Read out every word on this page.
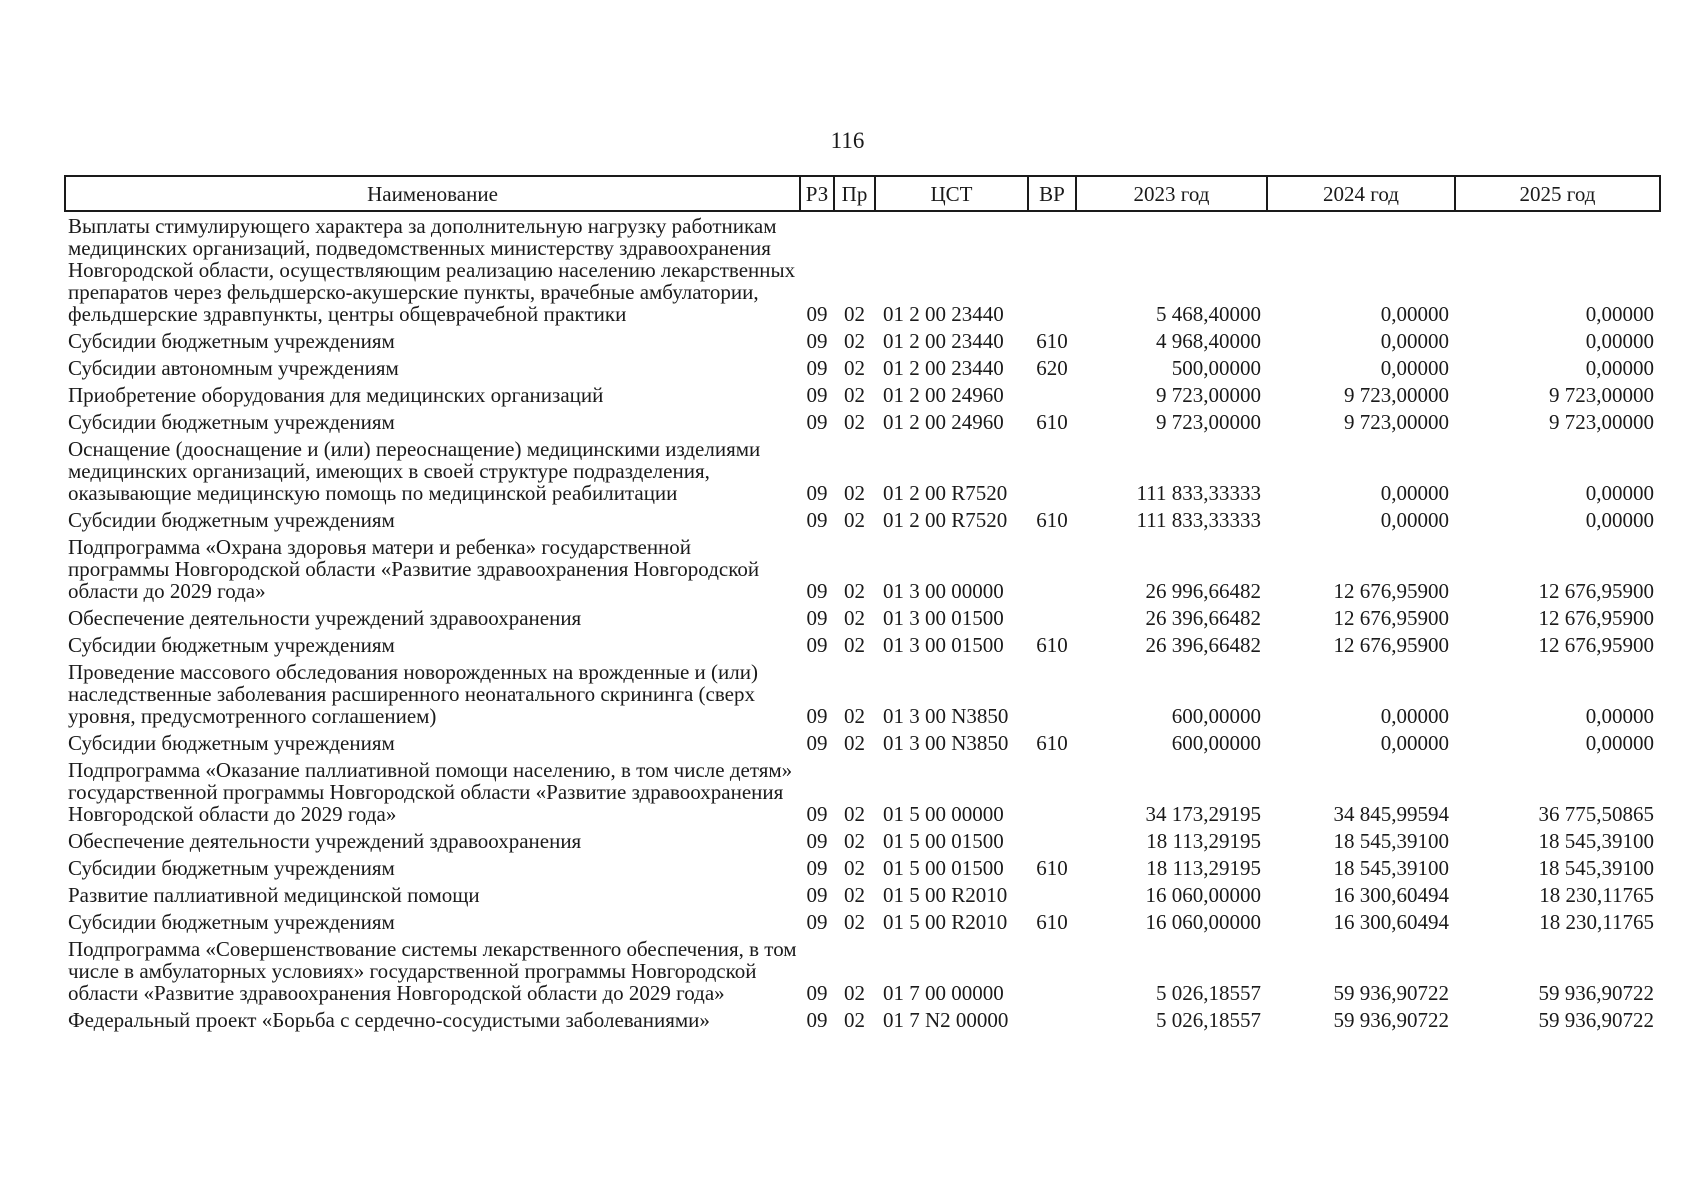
116
Наименование	РЗ	Пр	ЦСТ	ВР	2023 год	2024 год	2025 год
Выплаты стимулирующего характера за дополнительную нагрузку работникам медицинских организаций, подведомственных министерству здравоохранения Новгородской области, осуществляющим реализацию населению лекарственных препаратов через фельдшерско-акушерские пункты, врачебные амбулатории, фельдшерские здравпункты, центры общеврачебной практики	09	02	01 2 00 23440		5 468,40000	0,00000	0,00000
Субсидии бюджетным учреждениям	09	02	01 2 00 23440	610	4 968,40000	0,00000	0,00000
Субсидии автономным учреждениям	09	02	01 2 00 23440	620	500,00000	0,00000	0,00000
Приобретение оборудования для медицинских организаций	09	02	01 2 00 24960		9 723,00000	9 723,00000	9 723,00000
Субсидии бюджетным учреждениям	09	02	01 2 00 24960	610	9 723,00000	9 723,00000	9 723,00000
Оснащение (дооснащение и (или) переоснащение) медицинскими изделиями медицинских организаций, имеющих в своей структуре подразделения, оказывающие медицинскую помощь по медицинской реабилитации	09	02	01 2 00 R7520		111 833,33333	0,00000	0,00000
Субсидии бюджетным учреждениям	09	02	01 2 00 R7520	610	111 833,33333	0,00000	0,00000
Подпрограмма «Охрана здоровья матери и ребенка» государственной программы Новгородской области «Развитие здравоохранения Новгородской области до 2029 года»	09	02	01 3 00 00000		26 996,66482	12 676,95900	12 676,95900
Обеспечение деятельности учреждений здравоохранения	09	02	01 3 00 01500		26 396,66482	12 676,95900	12 676,95900
Субсидии бюджетным учреждениям	09	02	01 3 00 01500	610	26 396,66482	12 676,95900	12 676,95900
Проведение массового обследования новорожденных на врожденные и (или) наследственные заболевания расширенного неонатального скрининга (сверх уровня, предусмотренного соглашением)	09	02	01 3 00 N3850		600,00000	0,00000	0,00000
Субсидии бюджетным учреждениям	09	02	01 3 00 N3850	610	600,00000	0,00000	0,00000
Подпрограмма «Оказание паллиативной помощи населению, в том числе детям» государственной программы Новгородской области «Развитие здравоохранения Новгородской области до 2029 года»	09	02	01 5 00 00000		34 173,29195	34 845,99594	36 775,50865
Обеспечение деятельности учреждений здравоохранения	09	02	01 5 00 01500		18 113,29195	18 545,39100	18 545,39100
Субсидии бюджетным учреждениям	09	02	01 5 00 01500	610	18 113,29195	18 545,39100	18 545,39100
Развитие паллиативной медицинской помощи	09	02	01 5 00 R2010		16 060,00000	16 300,60494	18 230,11765
Субсидии бюджетным учреждениям	09	02	01 5 00 R2010	610	16 060,00000	16 300,60494	18 230,11765
Подпрограмма «Совершенствование системы лекарственного обеспечения, в том числе в амбулаторных условиях» государственной программы Новгородской области «Развитие здравоохранения Новгородской области до 2029 года»	09	02	01 7 00 00000		5 026,18557	59 936,90722	59 936,90722
Федеральный проект «Борьба с сердечно-сосудистыми заболеваниями»	09	02	01 7 N2 00000		5 026,18557	59 936,90722	59 936,90722
